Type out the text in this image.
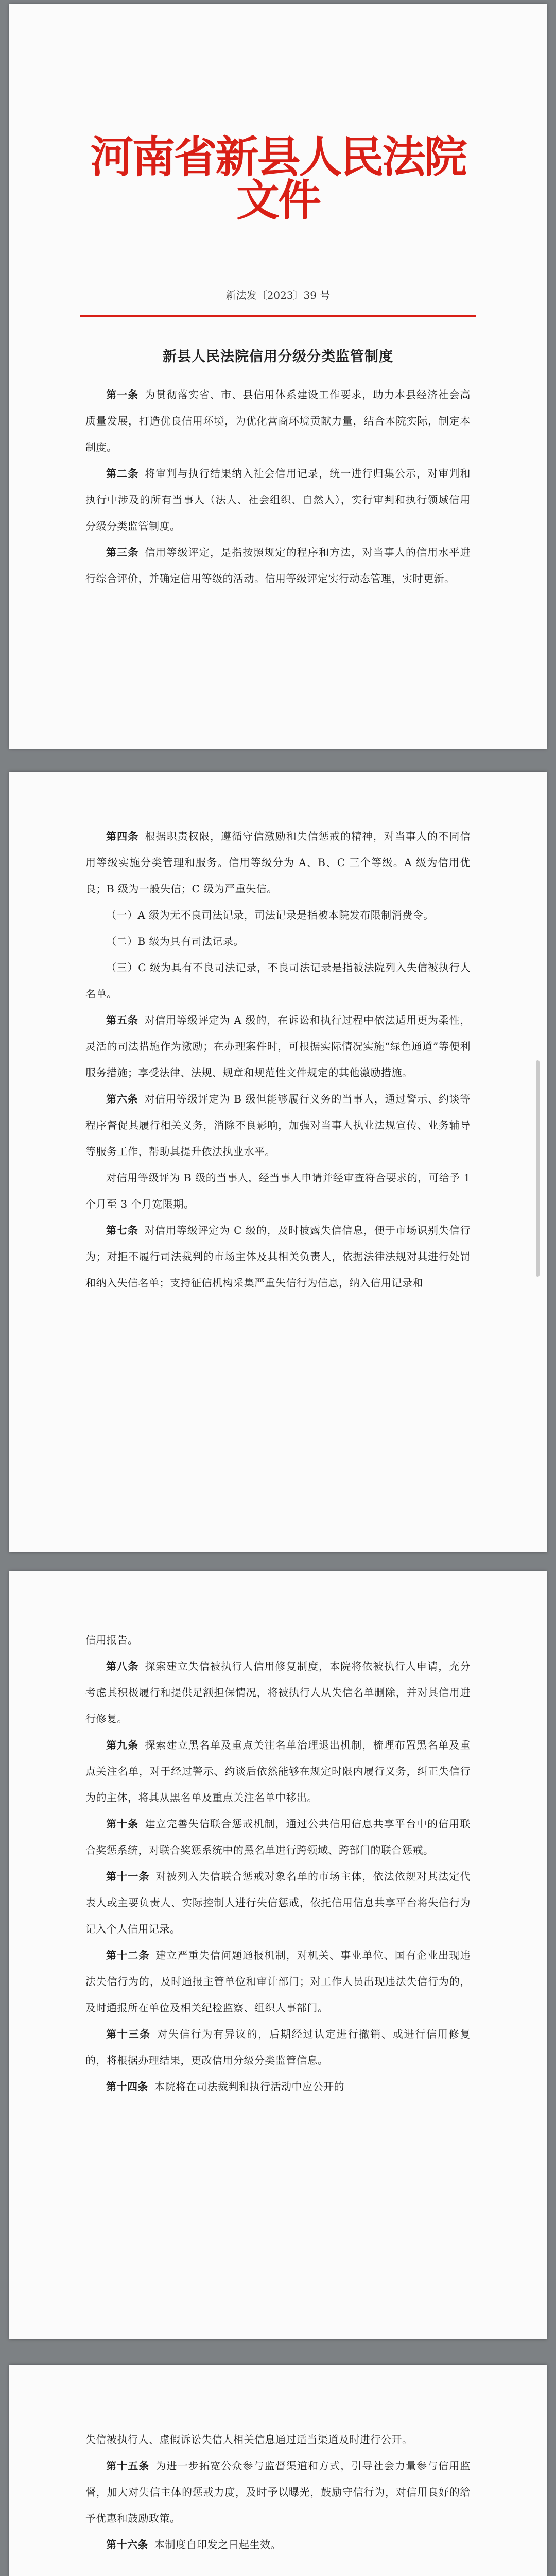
河南省新县人民法院文件
新法发〔2023〕39 号
新县人民法院信用分级分类监管制度

第一条 为贯彻落实省、市、县信用体系建设工作要求，助力本县经济社会高质量发展，打造优良信用环境，为优化营商环境贡献力量，结合本院实际，制定本制度。

第二条 将审判与执行结果纳入社会信用记录，统一进行归集公示，对审判和执行中涉及的所有当事人（法人、社会组织、自然人），实行审判和执行领域信用分级分类监管制度。

第三条 信用等级评定，是指按照规定的程序和方法，对当事人的信用水平进行综合评价，并确定信用等级的活动。信用等级评定实行动态管理，实时更新。

第四条 根据职责权限，遵循守信激励和失信惩戒的精神，对当事人的不同信用等级实施分类管理和服务。信用等级分为 A、B、C 三个等级。A 级为信用优良；B 级为一般失信；C 级为严重失信。

（一）A 级为无不良司法记录，司法记录是指被本院发布限制消费令。

（二）B 级为具有司法记录。

（三）C 级为具有不良司法记录，不良司法记录是指被法院列入失信被执行人名单。

第五条 对信用等级评定为 A 级的，在诉讼和执行过程中依法适用更为柔性，灵活的司法措施作为激励；在办理案件时，可根据实际情况实施“绿色通道”等便利服务措施；享受法律、法规、规章和规范性文件规定的其他激励措施。

第六条 对信用等级评定为 B 级但能够履行义务的当事人，通过警示、约谈等程序督促其履行相关义务，消除不良影响，加强对当事人执业法规宣传、业务辅导等服务工作，帮助其提升依法执业水平。

对信用等级评为 B 级的当事人，经当事人申请并经审查符合要求的，可给予 1 个月至 3 个月宽限期。

第七条 对信用等级评定为 C 级的，及时披露失信信息，便于市场识别失信行为；对拒不履行司法裁判的市场主体及其相关负责人，依据法律法规对其进行处罚和纳入失信名单；支持征信机构采集严重失信行为信息，纳入信用记录和

信用报告。

第八条 探索建立失信被执行人信用修复制度，本院将依被执行人申请，充分考虑其积极履行和提供足额担保情况，将被执行人从失信名单删除，并对其信用进行修复。

第九条 探索建立黑名单及重点关注名单治理退出机制，梳理布置黑名单及重点关注名单，对于经过警示、约谈后依然能够在规定时限内履行义务，纠正失信行为的主体，将其从黑名单及重点关注名单中移出。

第十条 建立完善失信联合惩戒机制，通过公共信用信息共享平台中的信用联合奖惩系统，对联合奖惩系统中的黑名单进行跨领域、跨部门的联合惩戒。

第十一条 对被列入失信联合惩戒对象名单的市场主体，依法依规对其法定代表人或主要负责人、实际控制人进行失信惩戒，依托信用信息共享平台将失信行为记入个人信用记录。

第十二条 建立严重失信问题通报机制，对机关、事业单位、国有企业出现违法失信行为的，及时通报主管单位和审计部门；对工作人员出现违法失信行为的，及时通报所在单位及相关纪检监察、组织人事部门。

第十三条 对失信行为有异议的，后期经过认定进行撤销、或进行信用修复的，将根据办理结果，更改信用分级分类监管信息。

第十四条 本院将在司法裁判和执行活动中应公开的

失信被执行人、虚假诉讼失信人相关信息通过适当渠道及时进行公开。

第十五条 为进一步拓宽公众参与监督渠道和方式，引导社会力量参与信用监督，加大对失信主体的惩戒力度，及时予以曝光，鼓励守信行为，对信用良好的给予优惠和鼓励政策。

第十六条 本制度自印发之日起生效。
